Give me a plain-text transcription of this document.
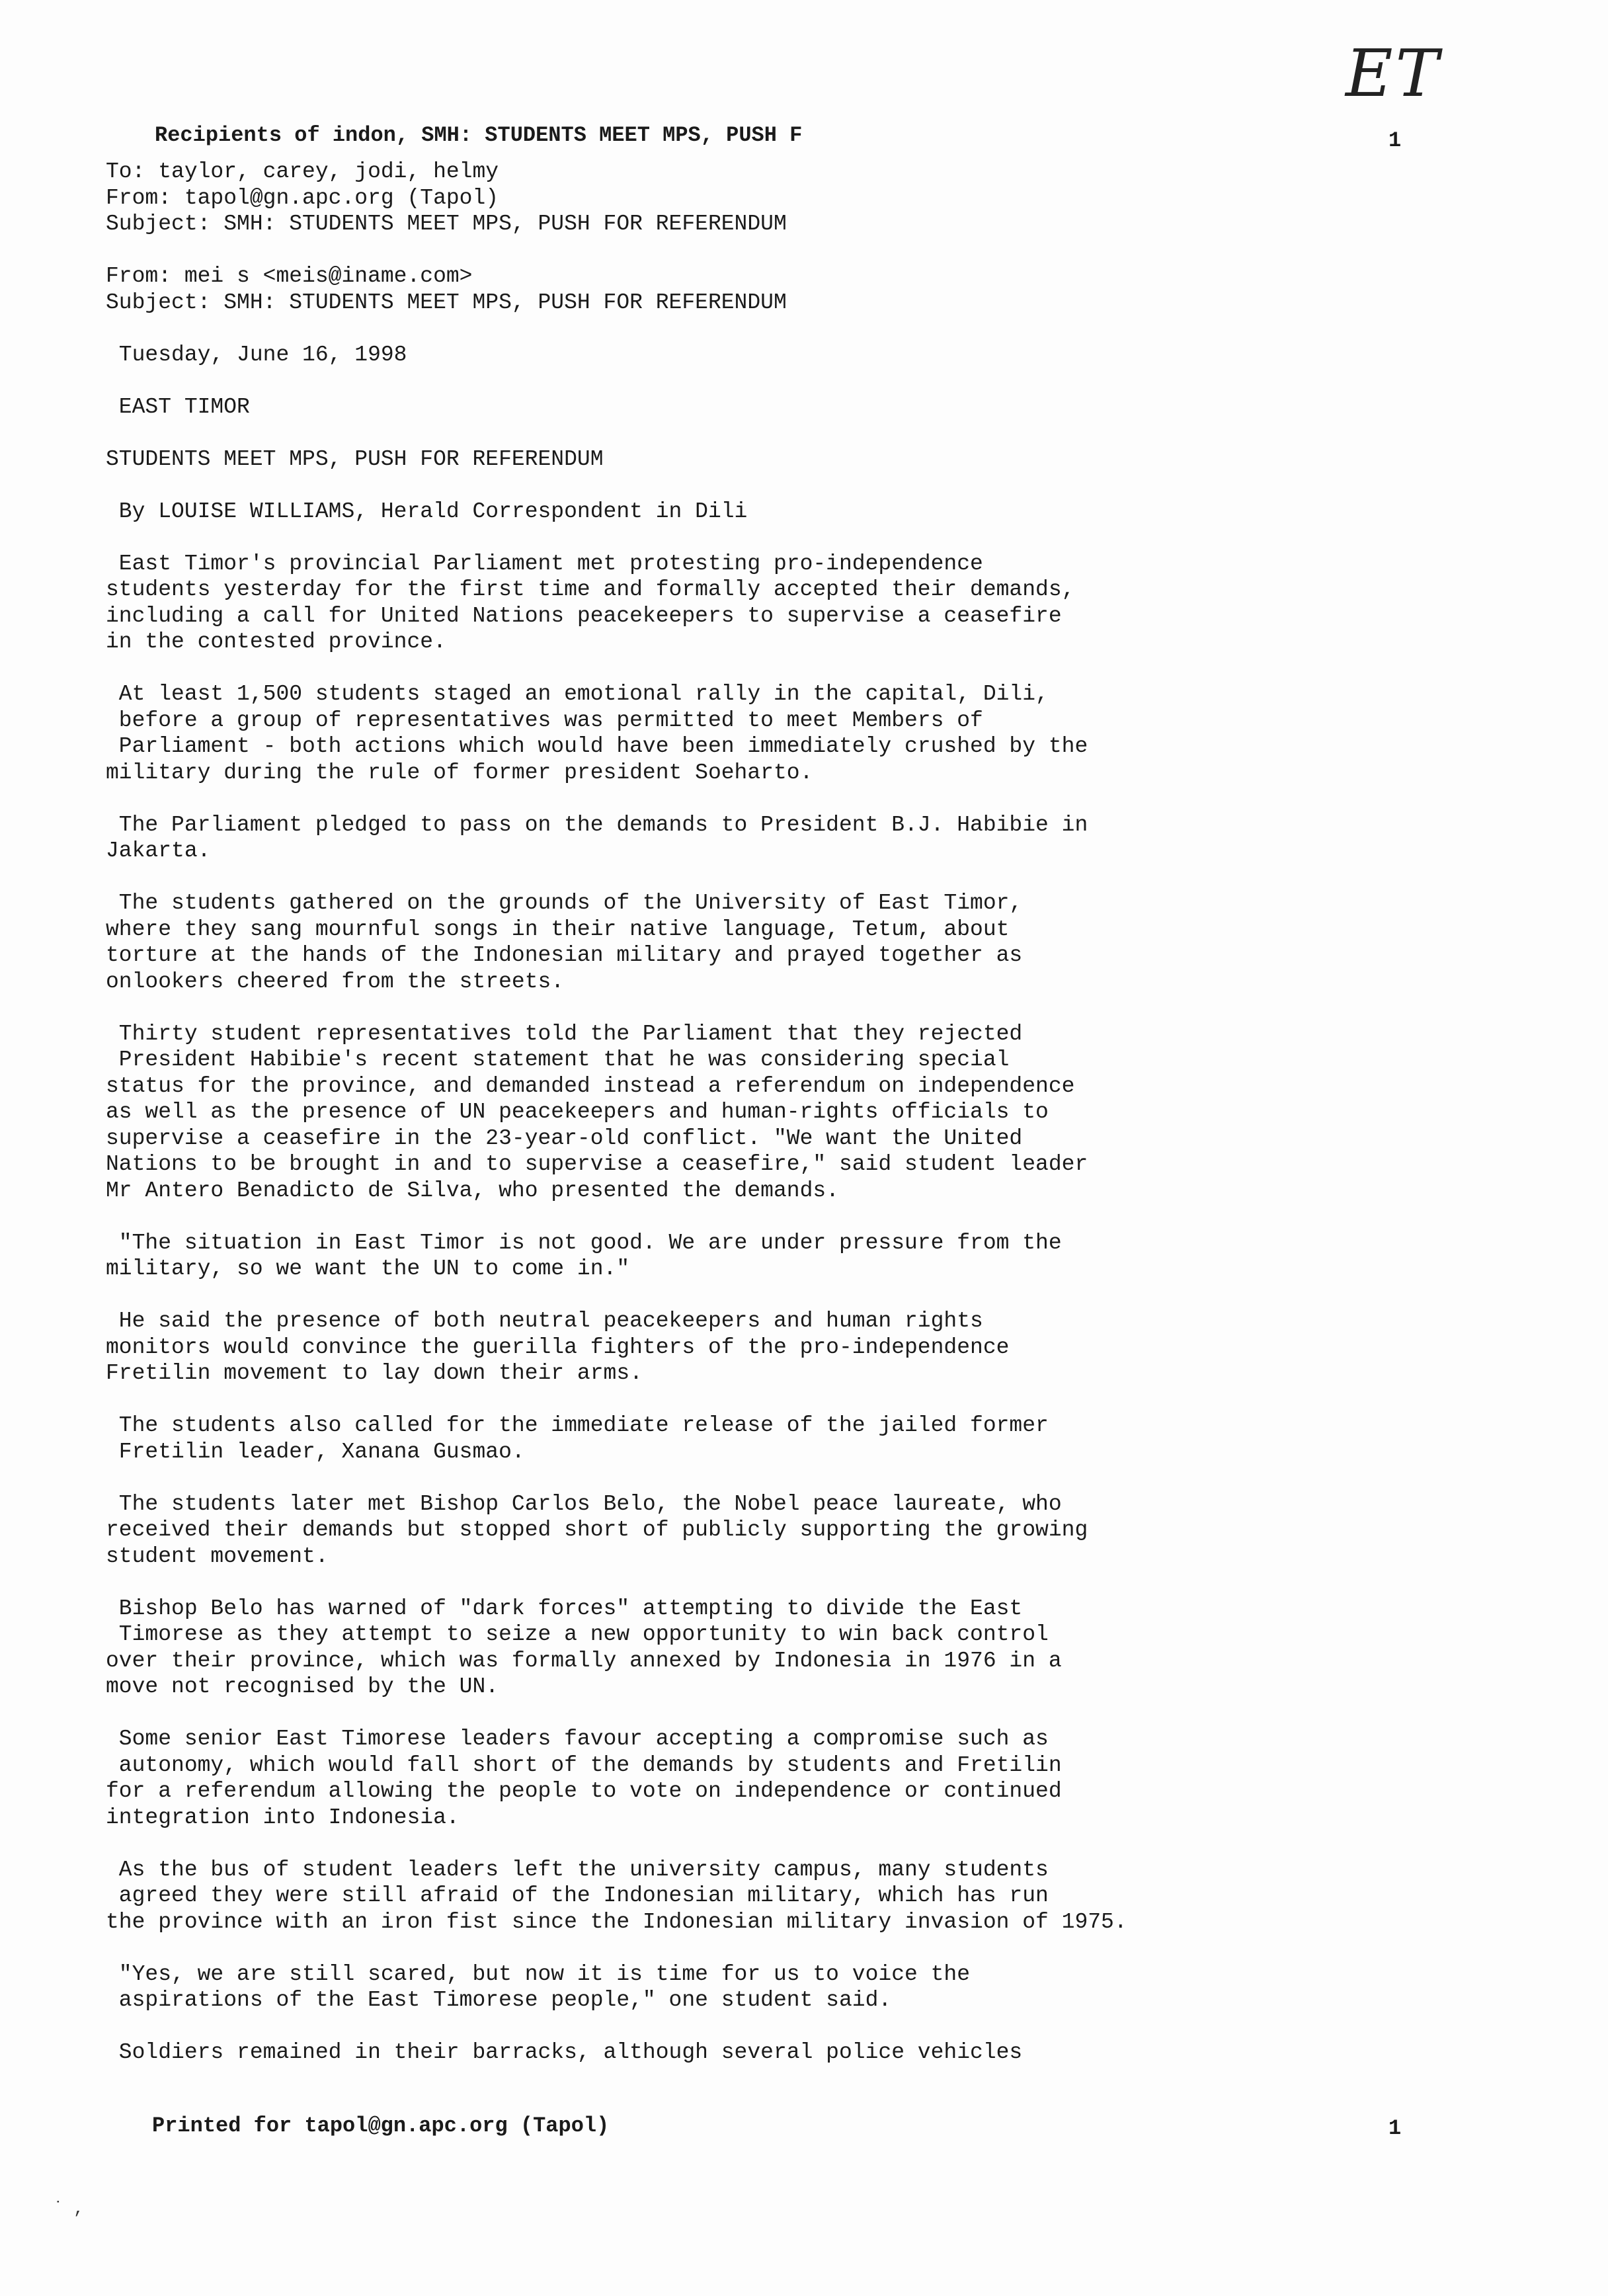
ET
Recipients of indon, SMH: STUDENTS MEET MPS, PUSH F	1
To: taylor, carey, jodi, helmy
From: tapol@gn.apc.org (Tapol)
Subject: SMH: STUDENTS MEET MPS, PUSH FOR REFERENDUM
From: mei s <meis@iname.com>
Subject: SMH: STUDENTS MEET MPS, PUSH FOR REFERENDUM
Tuesday, June 16, 1998
EAST TIMOR
STUDENTS MEET MPS, PUSH FOR REFERENDUM
By LOUISE WILLIAMS, Herald Correspondent in Dili
East Timor's provincial Parliament met protesting pro-independence
students yesterday for the first time and formally accepted their demands,
including a call for United Nations peacekeepers to supervise a ceasefire
in the contested province.
At least 1,500 students staged an emotional rally in the capital, Dili,
before a group of representatives was permitted to meet Members of
Parliament - both actions which would have been immediately crushed by the
military during the rule of former president Soeharto.
The Parliament pledged to pass on the demands to President B.J. Habibie in
Jakarta.
The students gathered on the grounds of the University of East Timor,
where they sang mournful songs in their native language, Tetum, about
torture at the hands of the Indonesian military and prayed together as
onlookers cheered from the streets.
Thirty student representatives told the Parliament that they rejected
President Habibie's recent statement that he was considering special
status for the province, and demanded instead a referendum on independence
as well as the presence of UN peacekeepers and human-rights officials to
supervise a ceasefire in the 23-year-old conflict. "We want the United
Nations to be brought in and to supervise a ceasefire," said student leader
Mr Antero Benadicto de Silva, who presented the demands.
"The situation in East Timor is not good. We are under pressure from the
military, so we want the UN to come in."
He said the presence of both neutral peacekeepers and human rights
monitors would convince the guerilla fighters of the pro-independence
Fretilin movement to lay down their arms.
The students also called for the immediate release of the jailed former
Fretilin leader, Xanana Gusmao.
The students later met Bishop Carlos Belo, the Nobel peace laureate, who
received their demands but stopped short of publicly supporting the growing
student movement.
Bishop Belo has warned of "dark forces" attempting to divide the East
Timorese as they attempt to seize a new opportunity to win back control
over their province, which was formally annexed by Indonesia in 1976 in a
move not recognised by the UN.
Some senior East Timorese leaders favour accepting a compromise such as
autonomy, which would fall short of the demands by students and Fretilin
for a referendum allowing the people to vote on independence or continued
integration into Indonesia.
As the bus of student leaders left the university campus, many students
agreed they were still afraid of the Indonesian military, which has run
the province with an iron fist since the Indonesian military invasion of 1975.
"Yes, we are still scared, but now it is time for us to voice the
aspirations of the East Timorese people," one student said.
Soldiers remained in their barracks, although several police vehicles
Printed for tapol@gn.apc.org (Tapol)	1
˙ ,
